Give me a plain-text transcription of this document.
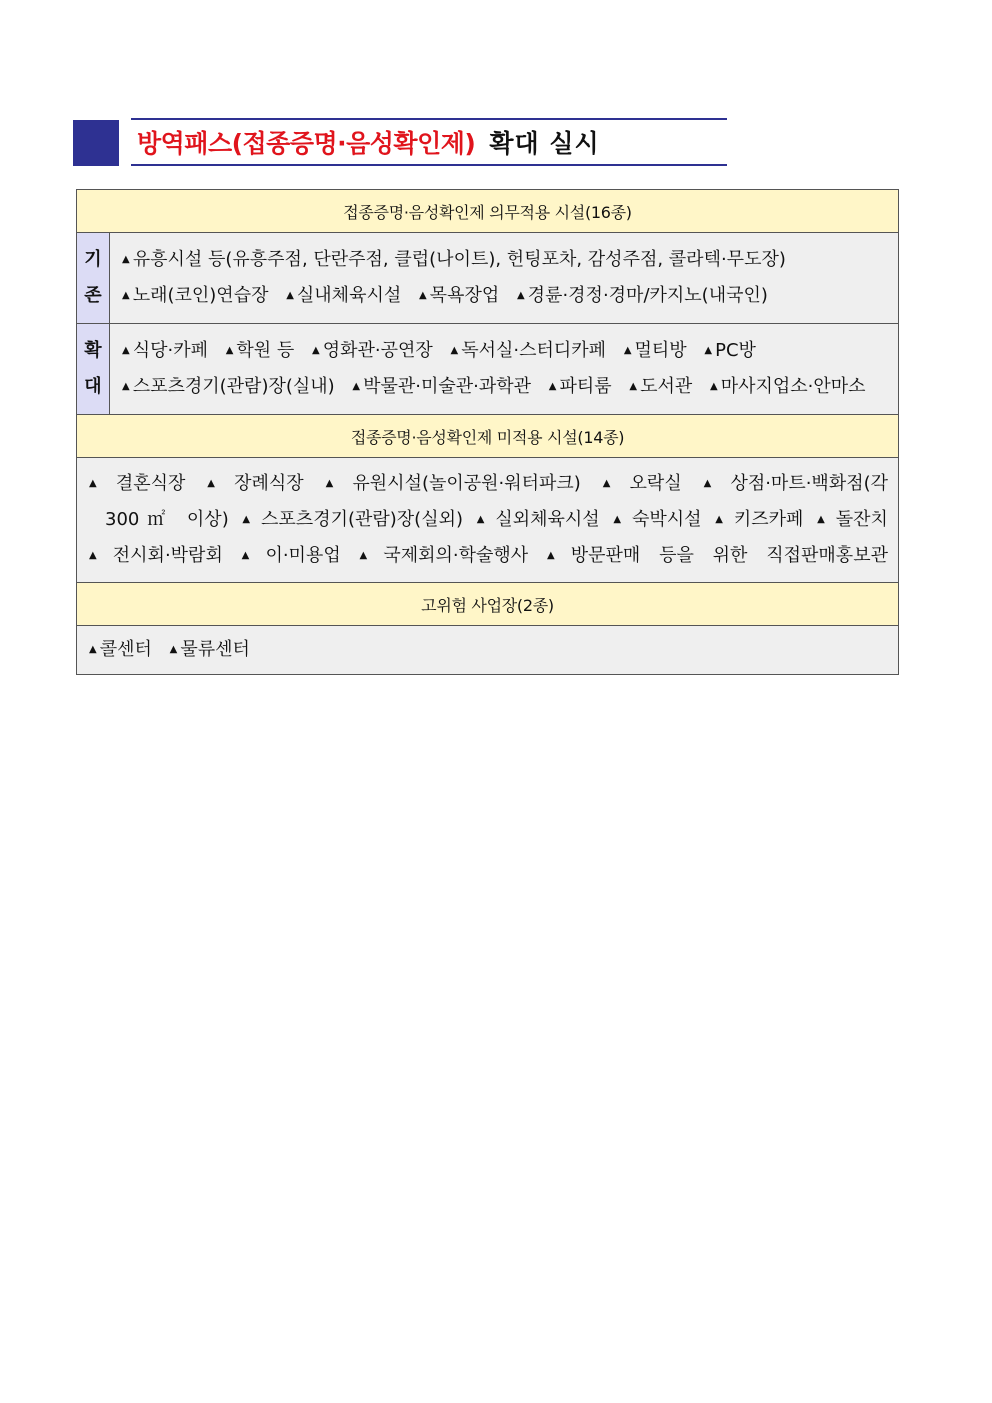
방역패스(접종증명·음성확인제) 확대 실시
접종증명·음성확인제 의무적용 시설(16종)
기
존
▲ 유흥시설 등(유흥주점, 단란주점, 클럽(나이트), 헌팅포차, 감성주점, 콜라텍·무도장)
▲ 노래(코인)연습장 ▲ 실내체육시설 ▲ 목욕장업 ▲ 경륜·경정·경마/카지노(내국인)
확
대
▲ 식당·카페 ▲ 학원 등 ▲ 영화관·공연장 ▲ 독서실·스터디카페 ▲ 멀티방 ▲ PC방
▲ 스포츠경기(관람)장(실내) ▲ 박물관·미술관·과학관 ▲ 파티룸 ▲ 도서관 ▲ 마사지업소·안마소
접종증명·음성확인제 미적용 시설(14종)
▲ 결혼식장 ▲ 장례식장 ▲ 유원시설(놀이공원·워터파크) ▲ 오락실 ▲ 상점·마트·백화점(각
300㎡ 이상) ▲ 스포츠경기(관람)장(실외) ▲ 실외체육시설 ▲ 숙박시설 ▲ 키즈카페 ▲ 돌잔치
▲ 전시회·박람회 ▲ 이·미용업 ▲ 국제회의·학술행사 ▲ 방문판매 등을 위한 직접판매홍보관
고위험 사업장(2종)
▲ 콜센터 ▲ 물류센터
